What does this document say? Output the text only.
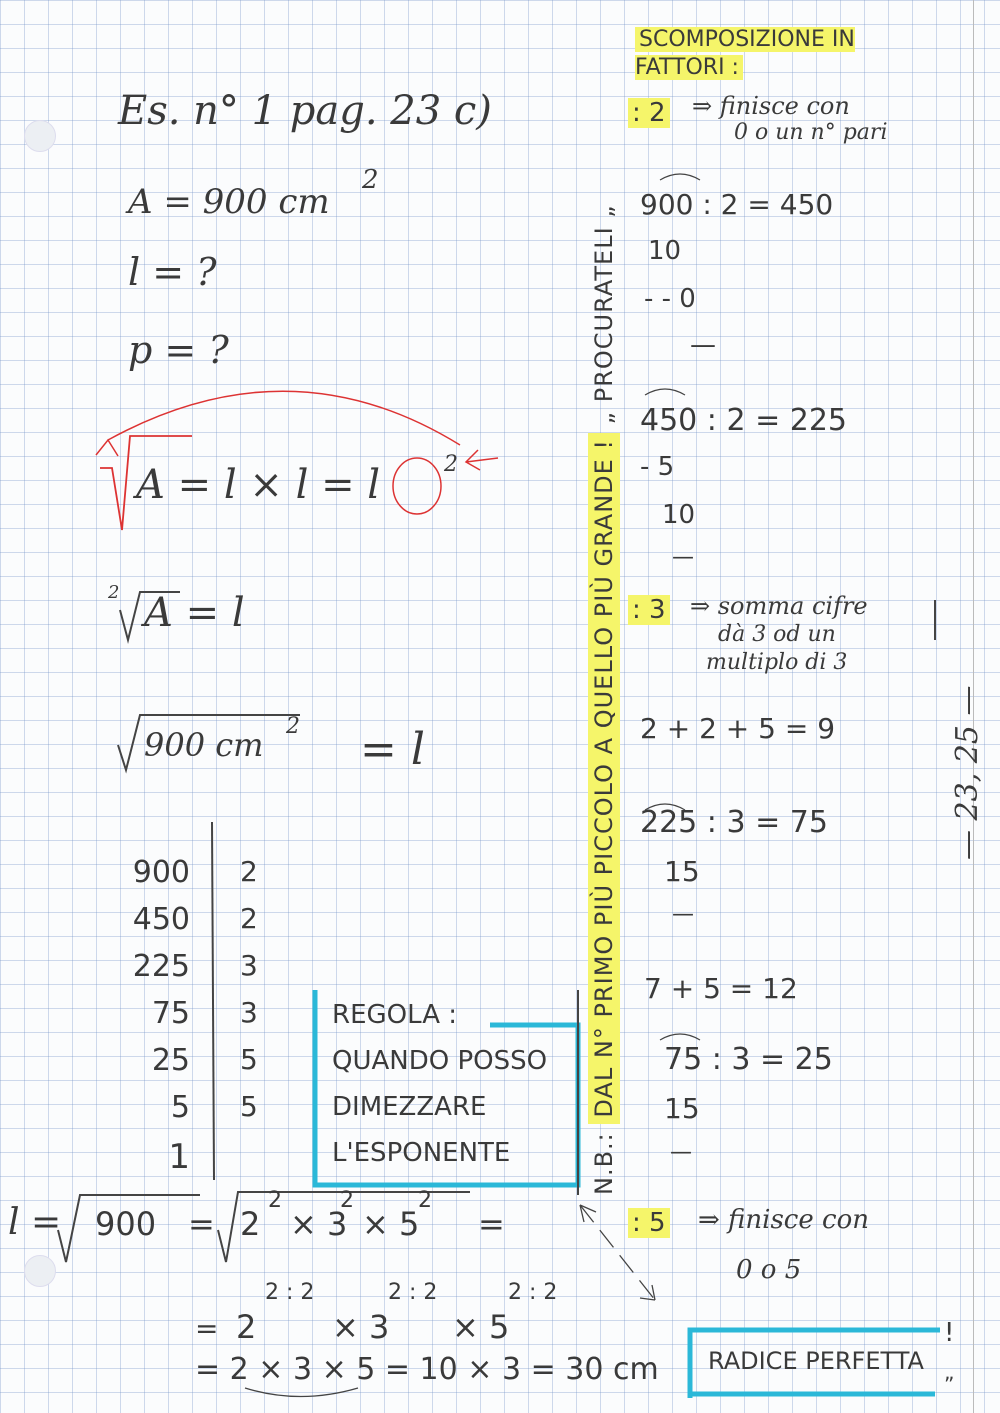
Es. n° 1 pag. 23 c)
A = 900 cm
2
l = ?
p = ?
A = l × l = l	2
2 A = l
900 cm 2 = l
900
450
225
75
25
5
1
2
2
3
3
5
5
REGOLA :
QUANDO POSSO
DIMEZZARE
L'ESPONENTE
l = 900 = 2
2
× 3
2
× 5
2
=
= 2
2 : 2
× 3
2 : 2
× 5
2 : 2
= 2 × 3 × 5 = 10 × 3 = 30 cm
N.B.: DAL N° PRIMO PIÙ PICCOLO A QUELLO PIÙ GRANDE ! „ PROCURATELI „
SCOMPOSIZIONE IN FATTORI :
: 2 ⇒ finisce con
0 o un n° pari
900 : 2 = 450
10
- - 0
—
450 : 2 = 225
- 5
10
—
: 3 ⇒ somma cifre
dà 3 od un
multiplo di 3
2 + 2 + 5 = 9
225 : 3 = 75
15
—
7 + 5 = 12
75 : 3 = 25
15
—
: 5 ⇒ finisce con
0 o 5
RADICE PERFETTA
!
„
— 23, 25 —
